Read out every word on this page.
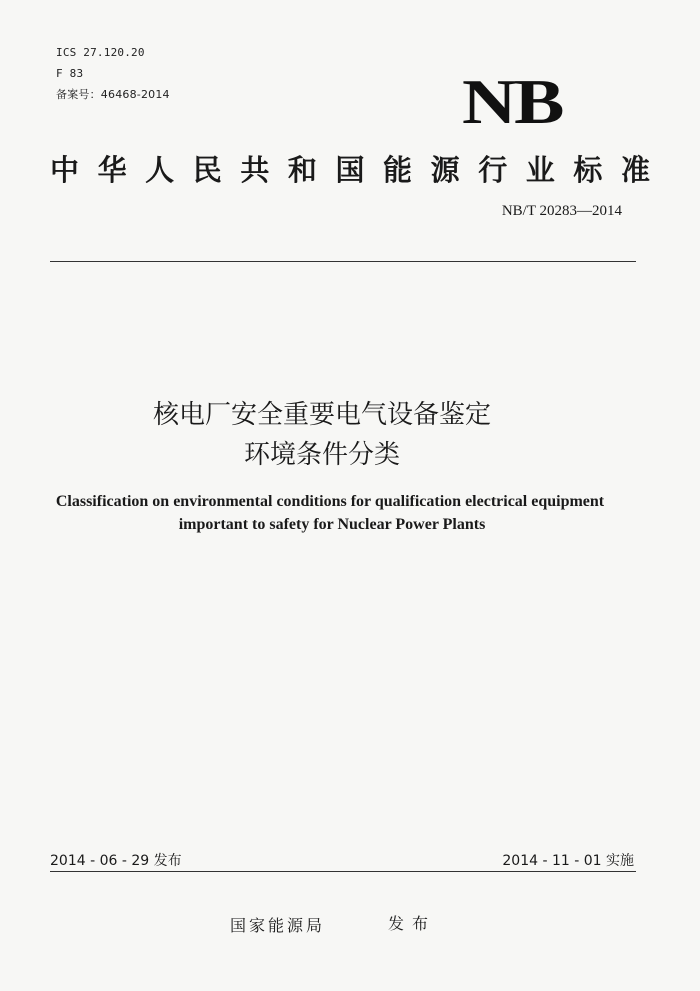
ICS 27.120.20
F 83
备案号：46468-2014	NB
中 华 人 民 共 和 国 能 源 行 业 标 准
NB/T 20283—2014
核电厂安全重要电气设备鉴定
环境条件分类
Classification on environmental conditions for qualification electrical equipment
important to safety for Nuclear Power Plants
2014 - 06 - 29 发布	2014 - 11 - 01 实施
国家能源局	发布
